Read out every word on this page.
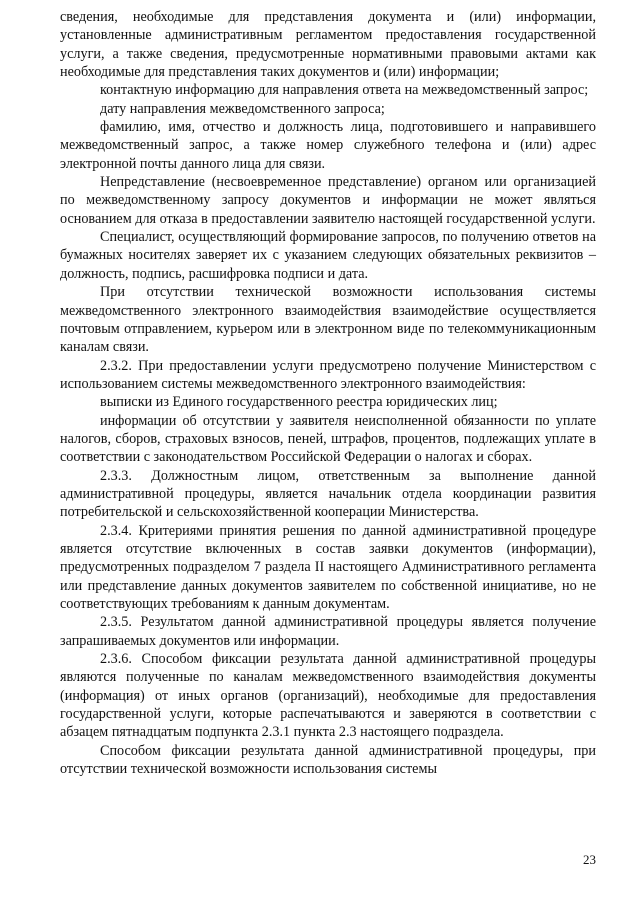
сведения, необходимые для представления документа и (или) информации, установленные административным регламентом предоставления государственной услуги, а также сведения, предусмотренные нормативными правовыми актами как необходимые для представления таких документов и (или) информации;

контактную информацию для направления ответа на межведомственный запрос;

дату направления межведомственного запроса;

фамилию, имя, отчество и должность лица, подготовившего и направившего межведомственный запрос, а также номер служебного телефона и (или) адрес электронной почты данного лица для связи.

Непредставление (несвоевременное представление) органом или организацией по межведомственному запросу документов и информации не может являться основанием для отказа в предоставлении заявителю настоящей государственной услуги.

Специалист, осуществляющий формирование запросов, по получению ответов на бумажных носителях заверяет их с указанием следующих обязательных реквизитов – должность, подпись, расшифровка подписи и дата.

При отсутствии технической возможности использования системы межведомственного электронного взаимодействия взаимодействие осуществляется почтовым отправлением, курьером или в электронном виде по телекоммуникационным каналам связи.

2.3.2. При предоставлении услуги предусмотрено получение Министерством с использованием системы межведомственного электронного взаимодействия:

выписки из Единого государственного реестра юридических лиц;

информации об отсутствии у заявителя неисполненной обязанности по уплате налогов, сборов, страховых взносов, пеней, штрафов, процентов, подлежащих уплате в соответствии с законодательством Российской Федерации о налогах и сборах.

2.3.3. Должностным лицом, ответственным за выполнение данной административной процедуры, является начальник отдела координации развития потребительской и сельскохозяйственной кооперации Министерства.

2.3.4. Критериями принятия решения по данной административной процедуре является отсутствие включенных в состав заявки документов (информации), предусмотренных подразделом 7 раздела II настоящего Административного регламента или представление данных документов заявителем по собственной инициативе, но не соответствующих требованиям к данным документам.

2.3.5. Результатом данной административной процедуры является получение запрашиваемых документов или информации.

2.3.6. Способом фиксации результата данной административной процедуры являются полученные по каналам межведомственного взаимодействия документы (информация) от иных органов (организаций), необходимые для предоставления государственной услуги, которые распечатываются и заверяются в соответствии с абзацем пятнадцатым подпункта 2.3.1 пункта 2.3 настоящего подраздела.

Способом фиксации результата данной административной процедуры, при отсутствии технической возможности использования системы

23
